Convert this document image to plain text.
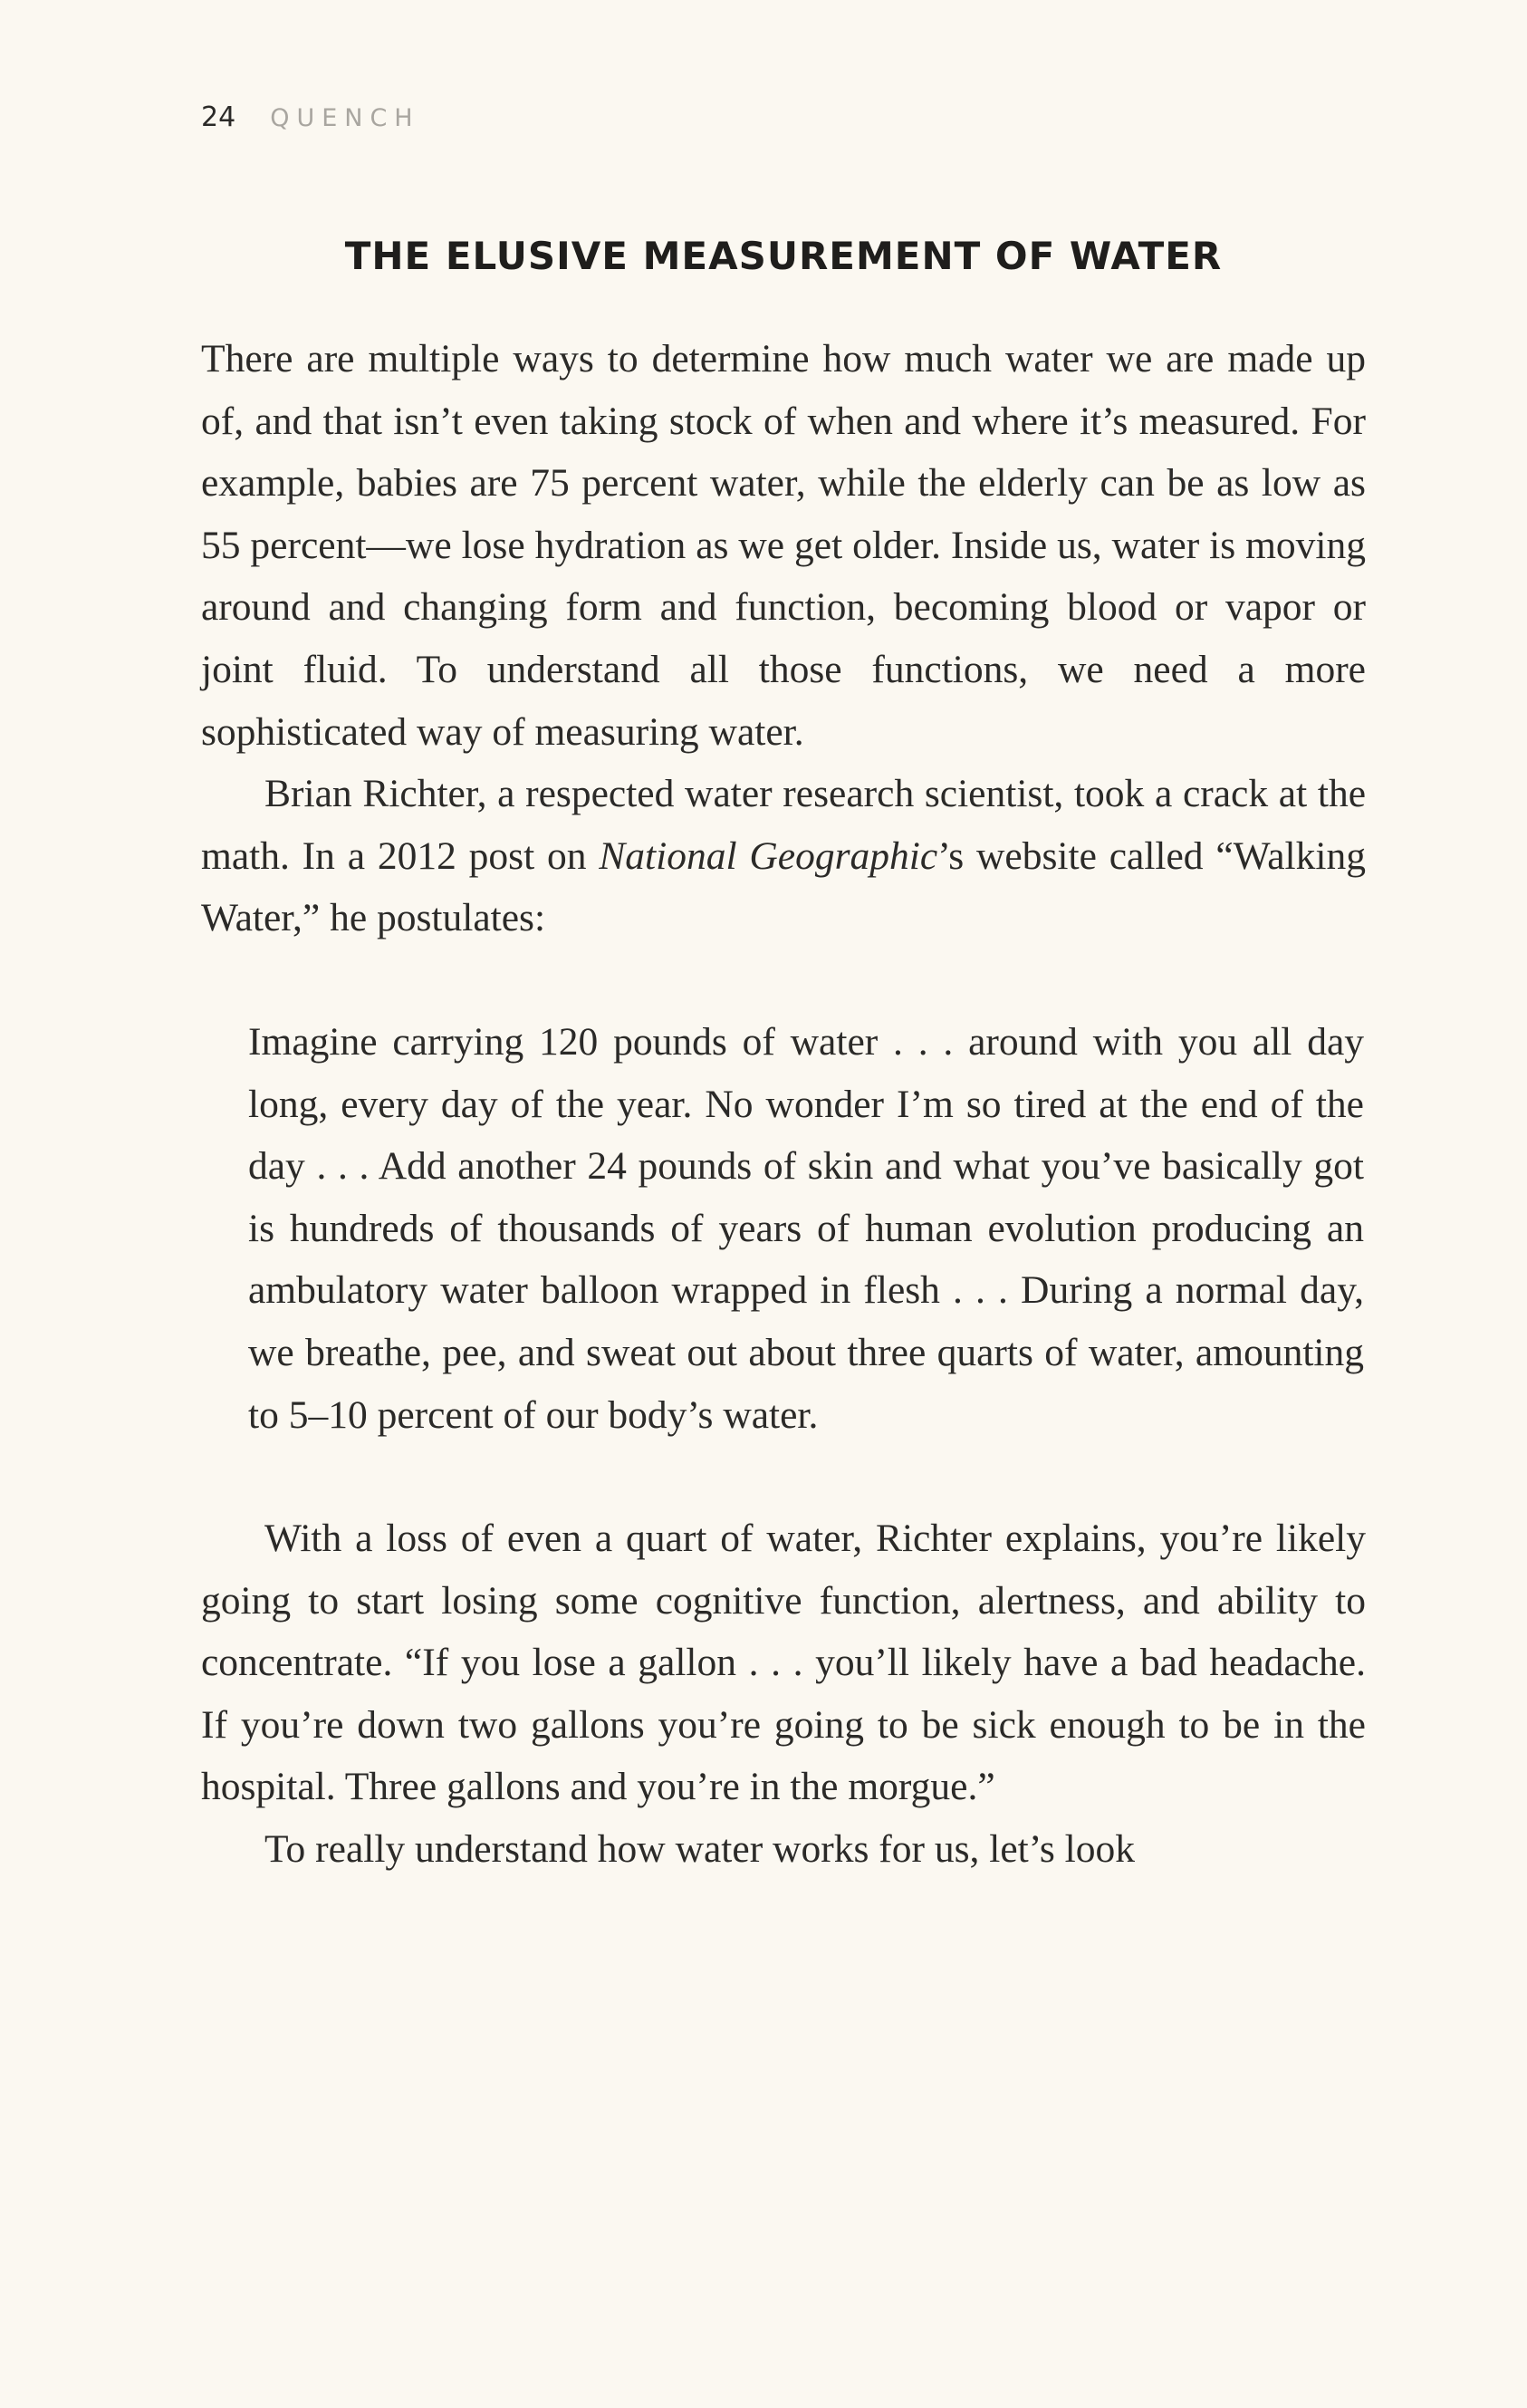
24 QUENCH
THE ELUSIVE MEASUREMENT OF WATER

There are multiple ways to determine how much water we are made up of, and that isn’t even taking stock of when and where it’s measured. For example, babies are 75 percent water, while the elderly can be as low as 55 percent—we lose hydration as we get older. Inside us, water is moving around and changing form and function, becoming blood or vapor or joint fluid. To understand all those functions, we need a more sophisticated way of measuring water.

Brian Richter, a respected water research scientist, took a crack at the math. In a 2012 post on National Geographic’s website called “Walking Water,” he postulates:

Imagine carrying 120 pounds of water . . . around with you all day long, every day of the year. No wonder I’m so tired at the end of the day . . . Add another 24 pounds of skin and what you’ve basically got is hundreds of thousands of years of human evolution producing an ambulatory water balloon wrapped in flesh . . . During a normal day, we breathe, pee, and sweat out about three quarts of water, amounting to 5–10 percent of our body’s water.

With a loss of even a quart of water, Richter explains, you’re likely going to start losing some cognitive function, alertness, and ability to concentrate. “If you lose a gallon . . . you’ll likely have a bad headache. If you’re down two gallons you’re going to be sick enough to be in the hospital. Three gallons and you’re in the morgue.”

To really understand how water works for us, let’s look
